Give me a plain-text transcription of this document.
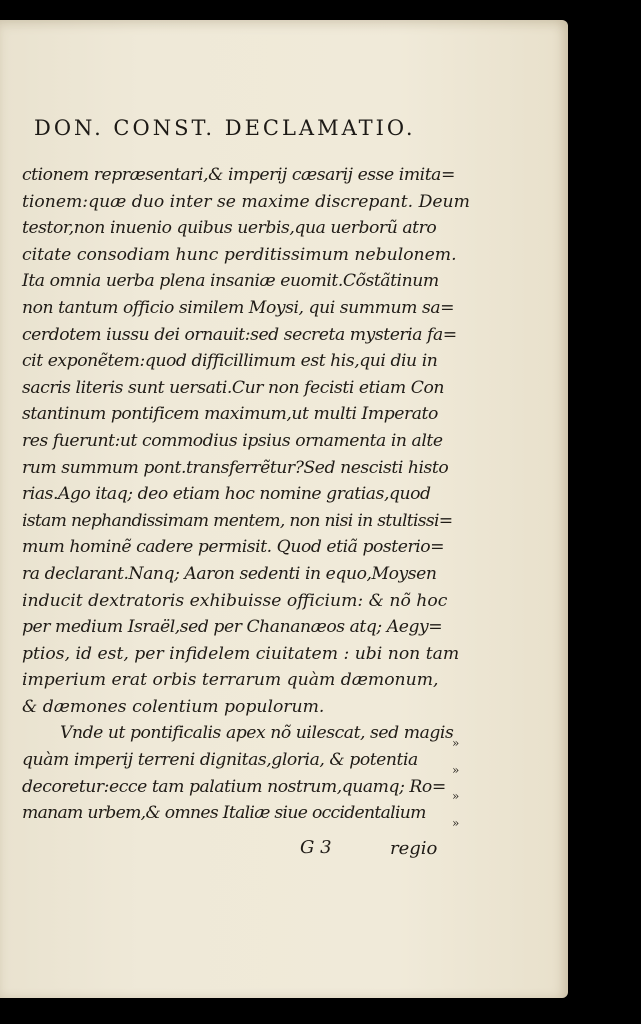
DON. CONST. DECLAMATIO.
ctionem repræsentari,& imperij cæsarij esse imita=
tionem:quæ duo inter se maxime discrepant. Deum
testor,non inuenio quibus uerbis,qua uerborũ atro
citate consodiam hunc perditissimum nebulonem.
Ita omnia uerba plena insaniæ euomit.Cõstãtinum
non tantum officio similem Moysi, qui summum sa=
cerdotem iussu dei ornauit:sed secreta mysteria fa=
cit exponẽtem:quod difficillimum est his,qui diu in
sacris literis sunt uersati.Cur non fecisti etiam Con
stantinum pontificem maximum,ut multi Imperato
res fuerunt:ut commodius ipsius ornamenta in alte
rum summum pont.transferrẽtur?Sed nescisti histo
rias.Ago itaq; deo etiam hoc nomine gratias,quod
istam nephandissimam mentem, non nisi in stultissi=
mum hominẽ cadere permisit. Quod etiã posterio=
ra declarant.Nanq; Aaron sedenti in equo,Moysen
inducit dextratoris exhibuisse officium: & nõ hoc
per medium Israël,sed per Chananæos atq; Aegy=
ptios, id est, per infidelem ciuitatem : ubi non tam
imperium erat orbis terrarum quàm dæmonum,
& dæmones colentium populorum.
Vnde ut pontificalis apex nõ uilescat, sed magis
quàm imperij terreni dignitas,gloria, & potentia
decoretur:ecce tam palatium nostrum,quamq; Ro=
manam urbem,& omnes Italiæ siue occidentalium
»
»
»
»
G 3	regio
